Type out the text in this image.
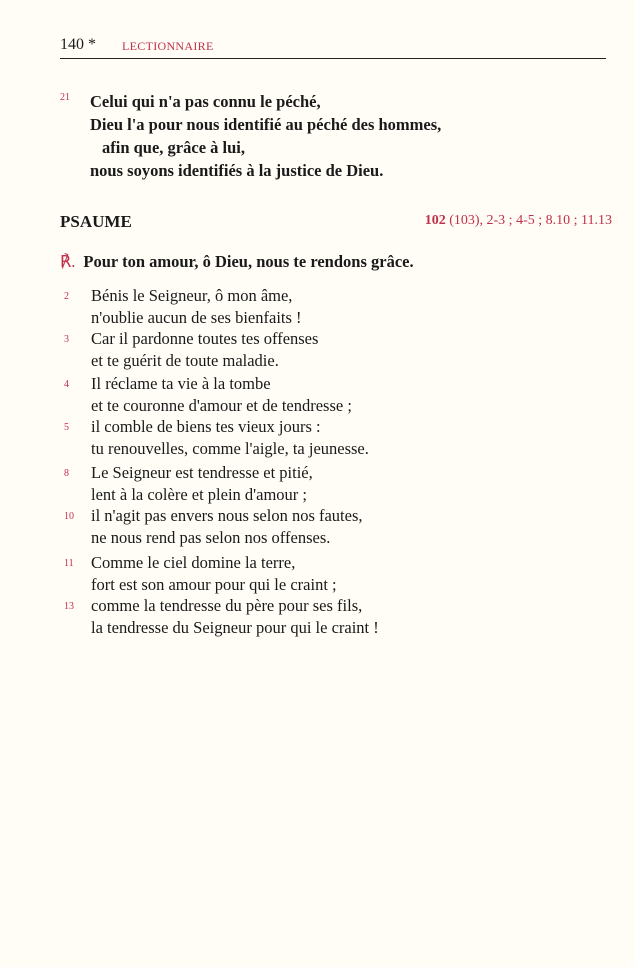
140 * LECTIONNAIRE
21 Celui qui n'a pas connu le péché,
Dieu l'a pour nous identifié au péché des hommes,
afin que, grâce à lui,
nous soyons identifiés à la justice de Dieu.
PSAUME	102 (103), 2-3 ; 4-5 ; 8.10 ; 11.13
℟. Pour ton amour, ô Dieu, nous te rendons grâce.
2 Bénis le Seigneur, ô mon âme,
n'oublie aucun de ses bienfaits !
3 Car il pardonne toutes tes offenses
et te guérit de toute maladie.
4 Il réclame ta vie à la tombe
et te couronne d'amour et de tendresse ;
5 il comble de biens tes vieux jours :
tu renouvelles, comme l'aigle, ta jeunesse.
8 Le Seigneur est tendresse et pitié,
lent à la colère et plein d'amour ;
10 il n'agit pas envers nous selon nos fautes,
ne nous rend pas selon nos offenses.
11 Comme le ciel domine la terre,
fort est son amour pour qui le craint ;
13 comme la tendresse du père pour ses fils,
la tendresse du Seigneur pour qui le craint !
